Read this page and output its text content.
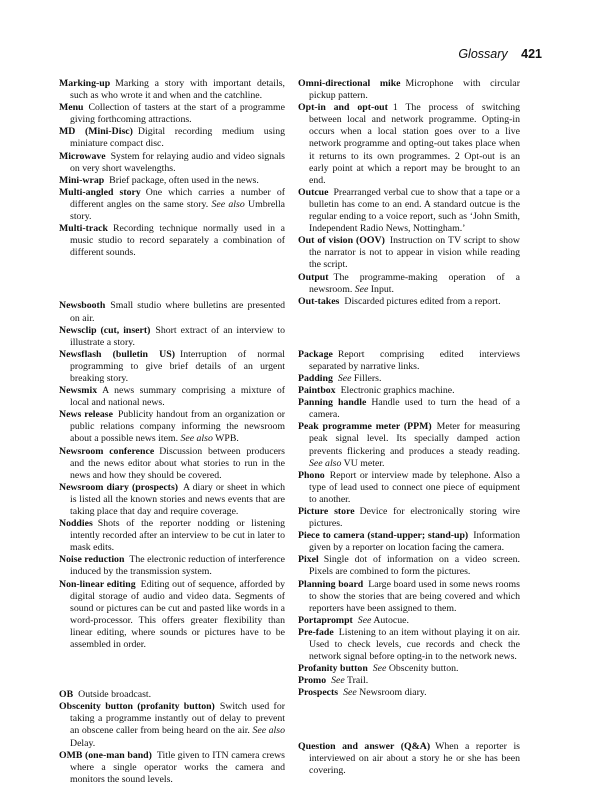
Glossary 421

Marking-up Marking a story with important details, such as who wrote it and when and the catchline.

Menu Collection of tasters at the start of a programme giving forthcoming attractions.

MD (Mini-Disc) Digital recording medium using miniature compact disc.

Microwave System for relaying audio and video signals on very short wavelengths.

Mini-wrap Brief package, often used in the news.

Multi-angled story One which carries a number of different angles on the same story. See also Umbrella story.

Multi-track Recording technique normally used in a music studio to record separately a combination of different sounds.

Newsbooth Small studio where bulletins are presented on air.

Newsclip (cut, insert) Short extract of an interview to illustrate a story.

Newsflash (bulletin US) Interruption of normal programming to give brief details of an urgent breaking story.

Newsmix A news summary comprising a mixture of local and national news.

News release Publicity handout from an organization or public relations company informing the newsroom about a possible news item. See also WPB.

Newsroom conference Discussion between producers and the news editor about what stories to run in the news and how they should be covered.

Newsroom diary (prospects) A diary or sheet in which is listed all the known stories and news events that are taking place that day and require coverage.

Noddies Shots of the reporter nodding or listening intently recorded after an interview to be cut in later to mask edits.

Noise reduction The electronic reduction of interference induced by the transmission system.

Non-linear editing Editing out of sequence, afforded by digital storage of audio and video data. Segments of sound or pictures can be cut and pasted like words in a word-processor. This offers greater flexibility than linear editing, where sounds or pictures have to be assembled in order.

OB Outside broadcast.

Obscenity button (profanity button) Switch used for taking a programme instantly out of delay to prevent an obscene caller from being heard on the air. See also Delay.

OMB (one-man band) Title given to ITN camera crews where a single operator works the camera and monitors the sound levels.

Omni-directional mike Microphone with circular pickup pattern.

Opt-in and opt-out 1 The process of switching between local and network programme. Opting-in occurs when a local station goes over to a live network programme and opting-out takes place when it returns to its own programmes. 2 Opt-out is an early point at which a report may be brought to an end.

Outcue Prearranged verbal cue to show that a tape or a bulletin has come to an end. A standard outcue is the regular ending to a voice report, such as ‘John Smith, Independent Radio News, Nottingham.’

Out of vision (OOV) Instruction on TV script to show the narrator is not to appear in vision while reading the script.

Output The programme-making operation of a newsroom. See Input.

Out-takes Discarded pictures edited from a report.

Package Report comprising edited interviews separated by narrative links.

Padding See Fillers.

Paintbox Electronic graphics machine.

Panning handle Handle used to turn the head of a camera.

Peak programme meter (PPM) Meter for measuring peak signal level. Its specially damped action prevents flickering and produces a steady reading. See also VU meter.

Phono Report or interview made by telephone. Also a type of lead used to connect one piece of equipment to another.

Picture store Device for electronically storing wire pictures.

Piece to camera (stand-upper; stand-up) Information given by a reporter on location facing the camera.

Pixel Single dot of information on a video screen. Pixels are combined to form the pictures.

Planning board Large board used in some news rooms to show the stories that are being covered and which reporters have been assigned to them.

Portaprompt See Autocue.

Pre-fade Listening to an item without playing it on air. Used to check levels, cue records and check the network signal before opting-in to the network news.

Profanity button See Obscenity button.

Promo See Trail.

Prospects See Newsroom diary.

Question and answer (Q&A) When a reporter is interviewed on air about a story he or she has been covering.
